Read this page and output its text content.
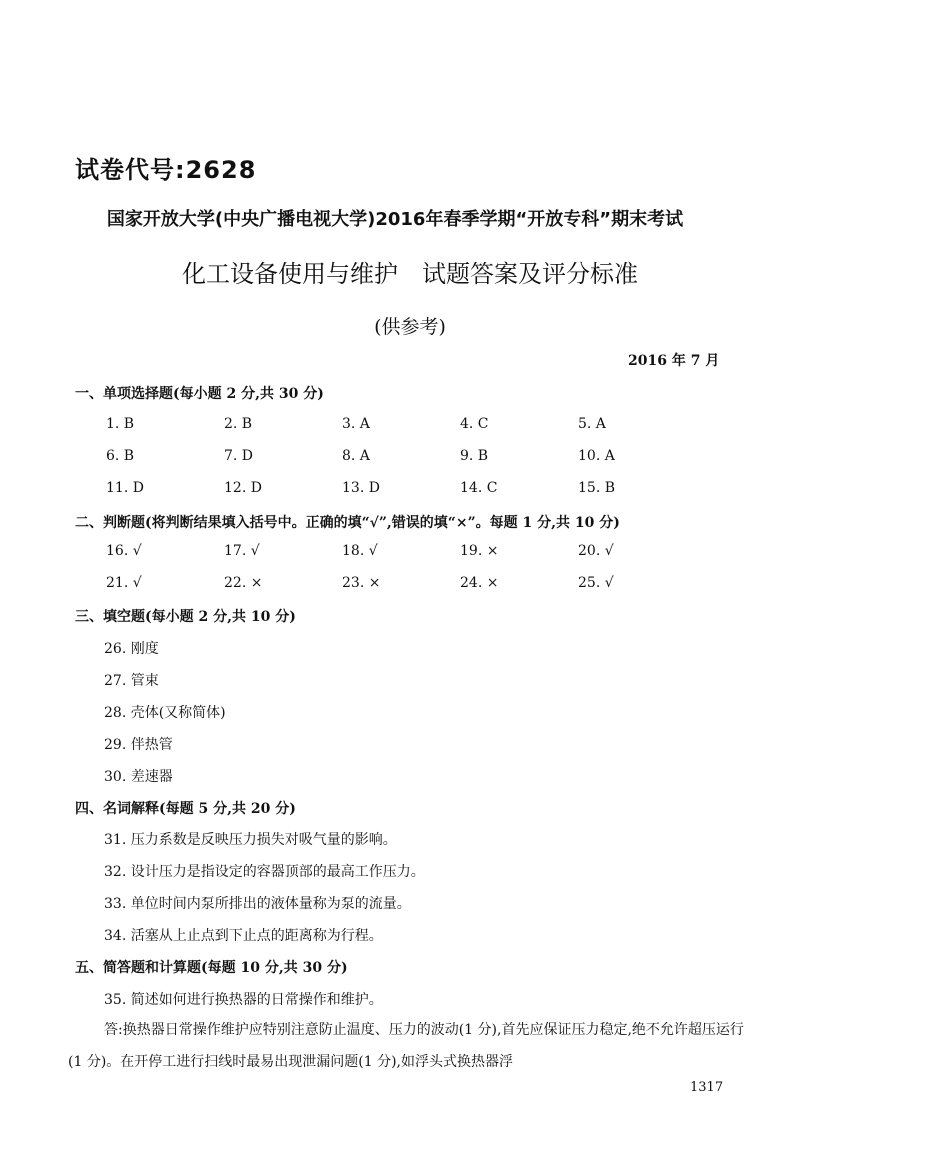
试卷代号:2628
国家开放大学(中央广播电视大学)2016年春季学期“开放专科”期末考试
化工设备使用与维护　试题答案及评分标准
(供参考)
2016 年 7 月
一、单项选择题(每小题 2 分,共 30 分)
1. B	2. B	3. A	4. C	5. A
6. B	7. D	8. A	9. B	10. A
11. D	12. D	13. D	14. C	15. B
二、判断题(将判断结果填入括号中。正确的填“√”,错误的填“×”。每题 1 分,共 10 分)
16. √	17. √	18. √	19. ×	20. √
21. √	22. ×	23. ×	24. ×	25. √
三、填空题(每小题 2 分,共 10 分)
26. 刚度
27. 管束
28. 壳体(又称简体)
29. 伴热管
30. 差速器
四、名词解释(每题 5 分,共 20 分)
31. 压力系数是反映压力损失对吸气量的影响。
32. 设计压力是指设定的容器顶部的最高工作压力。
33. 单位时间内泵所排出的液体量称为泵的流量。
34. 活塞从上止点到下止点的距离称为行程。
五、简答题和计算题(每题 10 分,共 30 分)
35. 简述如何进行换热器的日常操作和维护。
答:换热器日常操作维护应特别注意防止温度、压力的波动(1 分),首先应保证压力稳定,绝不允许超压运行(1 分)。在开停工进行扫线时最易出现泄漏问题(1 分),如浮头式换热器浮
1317
